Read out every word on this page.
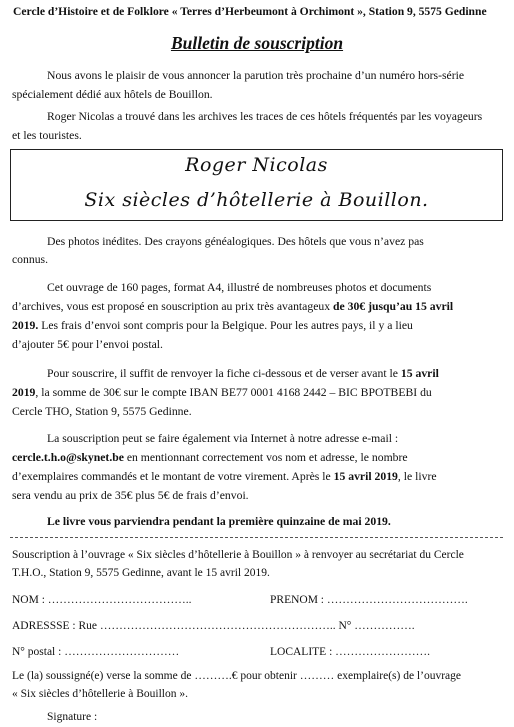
Cercle d’Histoire et de Folklore « Terres d’Herbeumont à Orchimont », Station 9, 5575 Gedinne
Bulletin de souscription
Nous avons le plaisir de vous annoncer la parution très prochaine d’un numéro hors-série
spécialement dédié aux hôtels de Bouillon.
Roger Nicolas a trouvé dans les archives les traces de ces hôtels fréquentés par les voyageurs
et les touristes.
Roger Nicolas
Six siècles d’hôtellerie à Bouillon.
Des photos inédites. Des crayons généalogiques. Des hôtels que vous n’avez pas
connus.
Cet ouvrage de 160 pages, format A4, illustré de nombreuses photos et documents
d’archives, vous est proposé en souscription au prix très avantageux de 30€ jusqu’au 15 avril
2019. Les frais d’envoi sont compris pour la Belgique. Pour les autres pays, il y a lieu
d’ajouter 5€ pour l’envoi postal.
Pour souscrire, il suffit de renvoyer la fiche ci-dessous et de verser avant le 15 avril
2019, la somme de 30€ sur le compte IBAN BE77 0001 4168 2442 – BIC BPOTBEBI du
Cercle THO, Station 9, 5575 Gedinne.
La souscription peut se faire également via Internet à notre adresse e-mail :
cercle.t.h.o@skynet.be en mentionnant correctement vos nom et adresse, le nombre
d’exemplaires commandés et le montant de votre virement. Après le 15 avril 2019, le livre
sera vendu au prix de 35€ plus 5€ de frais d’envoi.
Le livre vous parviendra pendant la première quinzaine de mai 2019.
Souscription à l’ouvrage « Six siècles d’hôtellerie à Bouillon » à renvoyer au secrétariat du Cercle
T.H.O., Station 9, 5575 Gedinne, avant le 15 avril 2019.
NOM : ………………………………..	PRENOM : ……………………………….
ADRESSSE : Rue …………………………………………………….. N° …………….
N° postal : …………………………	LOCALITE : …………………….
Le (la) soussigné(e) verse la somme de ……….€ pour obtenir ……… exemplaire(s) de l’ouvrage
« Six siècles d’hôtellerie à Bouillon ».
Signature :
